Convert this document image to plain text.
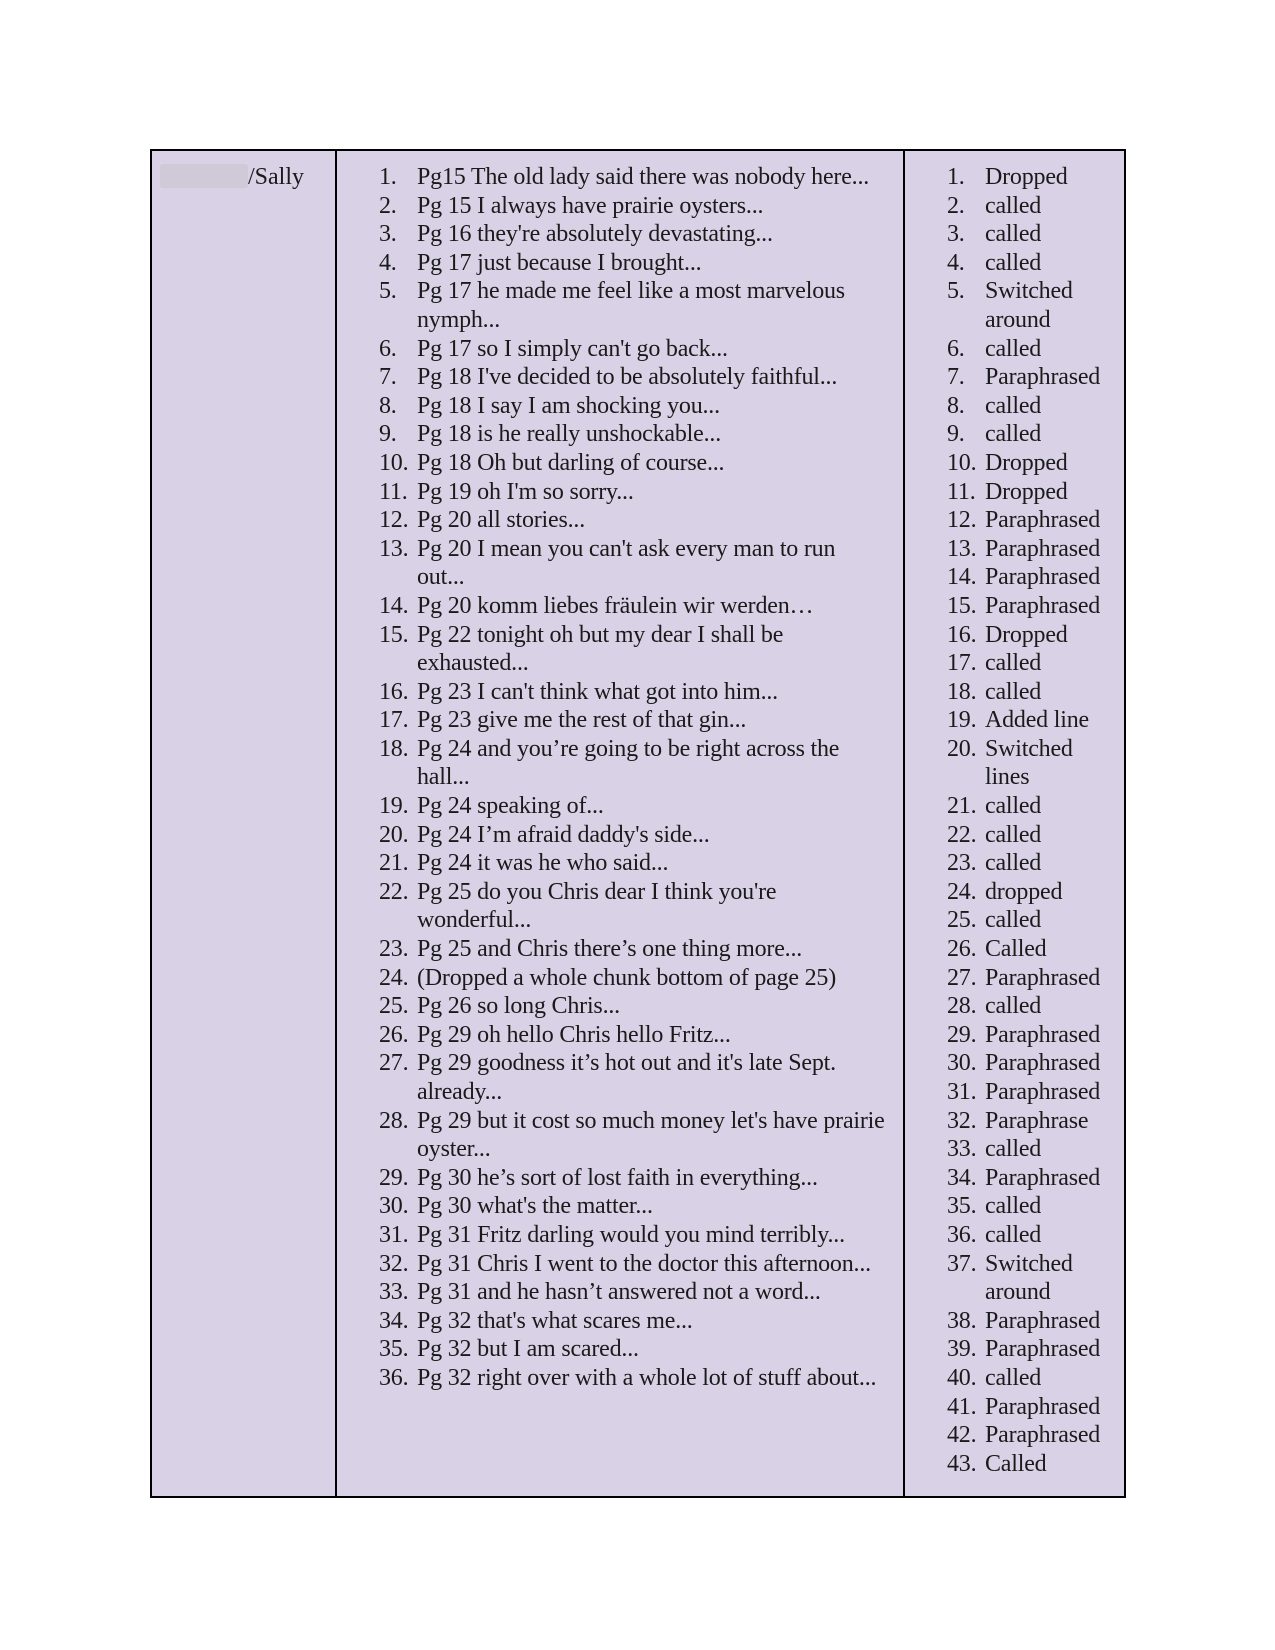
/Sally	1. Pg15 The old lady said there was nobody here...
2. Pg 15 I always have prairie oysters...
3. Pg 16 they're absolutely devastating...
4. Pg 17 just because I brought...
5. Pg 17 he made me feel like a most marvelous nymph...
6. Pg 17 so I simply can't go back...
7. Pg 18 I've decided to be absolutely faithful...
8. Pg 18 I say I am shocking you...
9. Pg 18 is he really unshockable...
10. Pg 18 Oh but darling of course...
11. Pg 19 oh I'm so sorry...
12. Pg 20 all stories...
13. Pg 20 I mean you can't ask every man to run out...
14. Pg 20 komm liebes fräulein wir werden…
15. Pg 22 tonight oh but my dear I shall be exhausted...
16. Pg 23 I can't think what got into him...
17. Pg 23 give me the rest of that gin...
18. Pg 24 and you’re going to be right across the hall...
19. Pg 24 speaking of...
20. Pg 24 I’m afraid daddy's side...
21. Pg 24 it was he who said...
22. Pg 25 do you Chris dear I think you're wonderful...
23. Pg 25 and Chris there’s one thing more...
24. (Dropped a whole chunk bottom of page 25)
25. Pg 26 so long Chris...
26. Pg 29 oh hello Chris hello Fritz...
27. Pg 29 goodness it’s hot out and it's late Sept. already...
28. Pg 29 but it cost so much money let's have prairie oyster...
29. Pg 30 he’s sort of lost faith in everything...
30. Pg 30 what's the matter...
31. Pg 31 Fritz darling would you mind terribly...
32. Pg 31 Chris I went to the doctor this afternoon...
33. Pg 31 and he hasn’t answered not a word...
34. Pg 32 that's what scares me...
35. Pg 32 but I am scared...
36. Pg 32 right over with a whole lot of stuff about...
1. Dropped
2. called
3. called
4. called
5. Switched around
6. called
7. Paraphrased
8. called
9. called
10. Dropped
11. Dropped
12. Paraphrased
13. Paraphrased
14. Paraphrased
15. Paraphrased
16. Dropped
17. called
18. called
19. Added line
20. Switched lines
21. called
22. called
23. called
24. dropped
25. called
26. Called
27. Paraphrased
28. called
29. Paraphrased
30. Paraphrased
31. Paraphrased
32. Paraphrase
33. called
34. Paraphrased
35. called
36. called
37. Switched around
38. Paraphrased
39. Paraphrased
40. called
41. Paraphrased
42. Paraphrased
43. Called
